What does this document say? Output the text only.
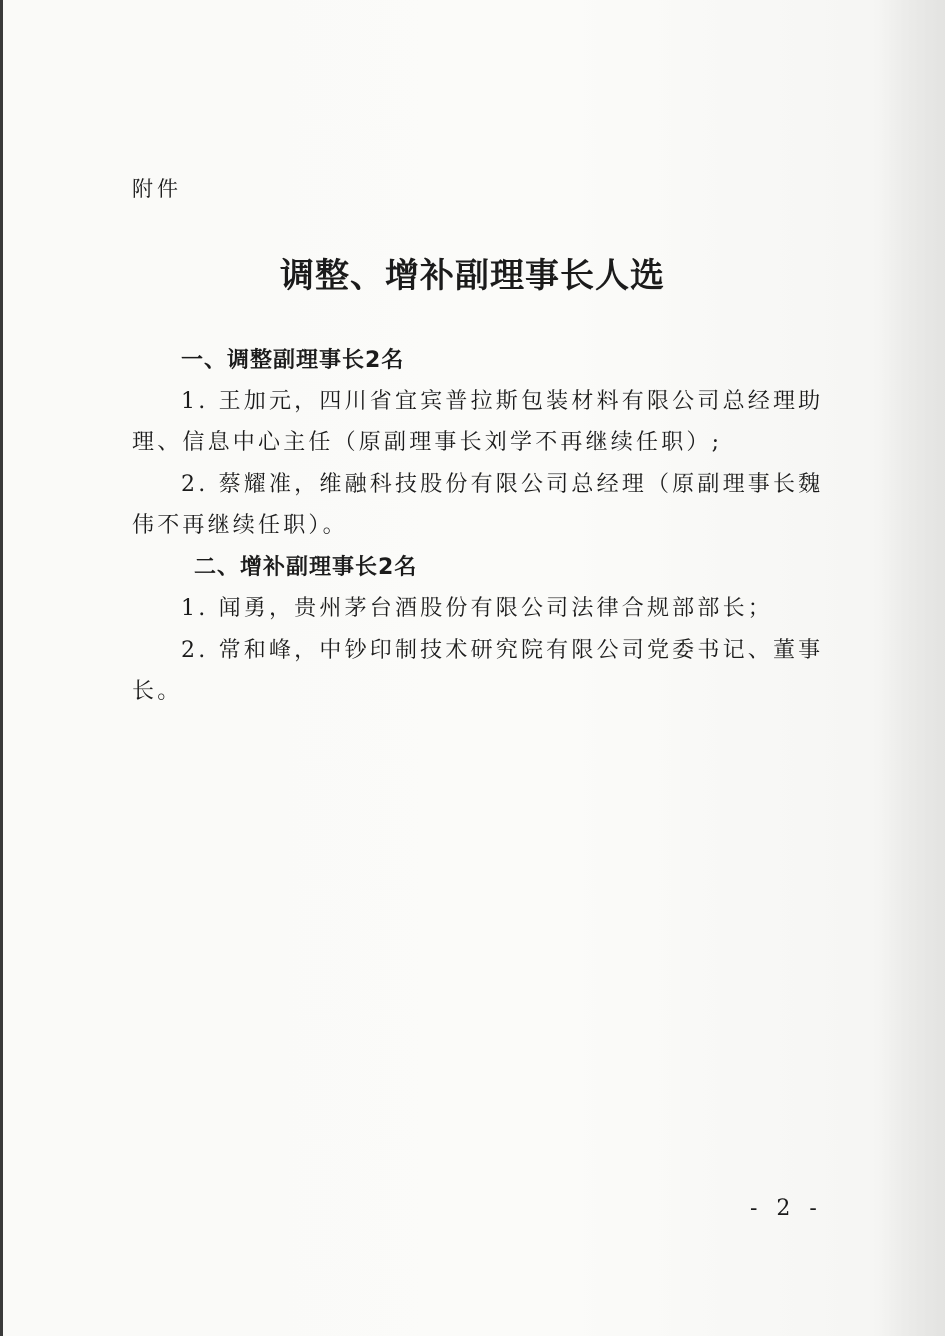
附件
调整、增补副理事长人选
一、调整副理事长2名
1. 王加元，四川省宜宾普拉斯包装材料有限公司总经理助
理、信息中心主任（原副理事长刘学不再继续任职）;
2. 蔡耀准，维融科技股份有限公司总经理（原副理事长魏
伟不再继续任职）。
二、增补副理事长2名
1. 闻勇，贵州茅台酒股份有限公司法律合规部部长；
2. 常和峰，中钞印制技术研究院有限公司党委书记、董事
长。
- 2 -
